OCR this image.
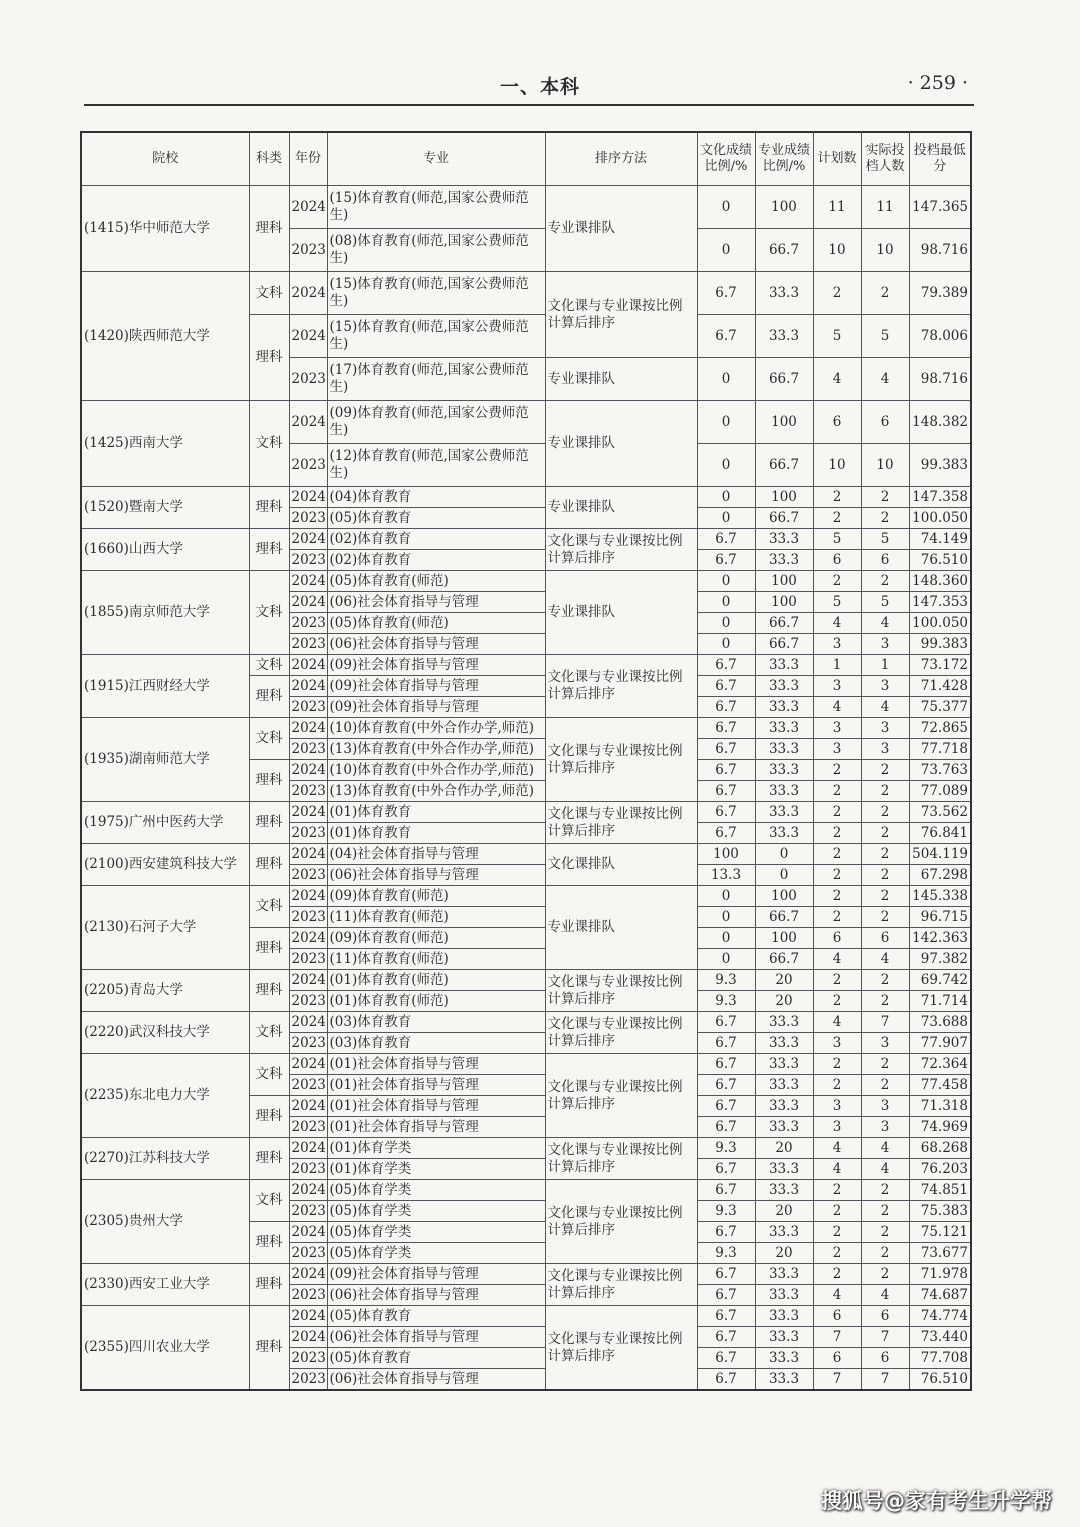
一、本科	· 259 ·
院校	科类	年份	专业	排序方法	文化成绩比例/%	专业成绩比例/%	计划数	实际投档人数	投档最低分
(1415)华中师范大学	理科	2024	(15)体育教育(师范,国家公费师范生)	专业课排队	0	100	11	11	147.365
		2023	(08)体育教育(师范,国家公费师范生)		0	66.7	10	10	98.716
(1420)陕西师范大学	文科	2024	(15)体育教育(师范,国家公费师范生)	文化课与专业课按比例计算后排序	6.7	33.3	2	2	79.389
	理科	2024	(15)体育教育(师范,国家公费师范生)		6.7	33.3	5	5	78.006
		2023	(17)体育教育(师范,国家公费师范生)	专业课排队	0	66.7	4	4	98.716
(1425)西南大学	文科	2024	(09)体育教育(师范,国家公费师范生)	专业课排队	0	100	6	6	148.382
		2023	(12)体育教育(师范,国家公费师范生)		0	66.7	10	10	99.383
(1520)暨南大学	理科	2024	(04)体育教育	专业课排队	0	100	2	2	147.358
		2023	(05)体育教育		0	66.7	2	2	100.050
(1660)山西大学	理科	2024	(02)体育教育	文化课与专业课按比例计算后排序	6.7	33.3	5	5	74.149
		2023	(02)体育教育		6.7	33.3	6	6	76.510
(1855)南京师范大学	文科	2024	(05)体育教育(师范)	专业课排队	0	100	2	2	148.360
		2024	(06)社会体育指导与管理		0	100	5	5	147.353
		2023	(05)体育教育(师范)		0	66.7	4	4	100.050
		2023	(06)社会体育指导与管理		0	66.7	3	3	99.383
(1915)江西财经大学	文科	2024	(09)社会体育指导与管理	文化课与专业课按比例计算后排序	6.7	33.3	1	1	73.172
	理科	2024	(09)社会体育指导与管理		6.7	33.3	3	3	71.428
		2023	(09)社会体育指导与管理		6.7	33.3	4	4	75.377
(1935)湖南师范大学	文科	2024	(10)体育教育(中外合作办学,师范)	文化课与专业课按比例计算后排序	6.7	33.3	3	3	72.865
		2023	(13)体育教育(中外合作办学,师范)		6.7	33.3	3	3	77.718
	理科	2024	(10)体育教育(中外合作办学,师范)		6.7	33.3	2	2	73.763
		2023	(13)体育教育(中外合作办学,师范)		6.7	33.3	2	2	77.089
(1975)广州中医药大学	理科	2024	(01)体育教育	文化课与专业课按比例计算后排序	6.7	33.3	2	2	73.562
		2023	(01)体育教育		6.7	33.3	2	2	76.841
(2100)西安建筑科技大学	理科	2024	(04)社会体育指导与管理	文化课排队	100	0	2	2	504.119
		2023	(06)社会体育指导与管理		13.3	0	2	2	67.298
(2130)石河子大学	文科	2024	(09)体育教育(师范)	专业课排队	0	100	2	2	145.338
		2023	(11)体育教育(师范)		0	66.7	2	2	96.715
	理科	2024	(09)体育教育(师范)		0	100	6	6	142.363
		2023	(11)体育教育(师范)		0	66.7	4	4	97.382
(2205)青岛大学	理科	2024	(01)体育教育(师范)	文化课与专业课按比例计算后排序	9.3	20	2	2	69.742
		2023	(01)体育教育(师范)		9.3	20	2	2	71.714
(2220)武汉科技大学	文科	2024	(03)体育教育	文化课与专业课按比例计算后排序	6.7	33.3	4	7	73.688
		2023	(03)体育教育		6.7	33.3	3	3	77.907
(2235)东北电力大学	文科	2024	(01)社会体育指导与管理	文化课与专业课按比例计算后排序	6.7	33.3	2	2	72.364
		2023	(01)社会体育指导与管理		6.7	33.3	2	2	77.458
	理科	2024	(01)社会体育指导与管理		6.7	33.3	3	3	71.318
		2023	(01)社会体育指导与管理		6.7	33.3	3	3	74.969
(2270)江苏科技大学	理科	2024	(01)体育学类	文化课与专业课按比例计算后排序	9.3	20	4	4	68.268
		2023	(01)体育学类		6.7	33.3	4	4	76.203
(2305)贵州大学	文科	2024	(05)体育学类	文化课与专业课按比例计算后排序	6.7	33.3	2	2	74.851
		2023	(05)体育学类		9.3	20	2	2	75.383
	理科	2024	(05)体育学类		6.7	33.3	2	2	75.121
		2023	(05)体育学类		9.3	20	2	2	73.677
(2330)西安工业大学	理科	2024	(09)社会体育指导与管理	文化课与专业课按比例计算后排序	6.7	33.3	2	2	71.978
		2023	(06)社会体育指导与管理		6.7	33.3	4	4	74.687
(2355)四川农业大学	理科	2024	(05)体育教育	文化课与专业课按比例计算后排序	6.7	33.3	6	6	74.774
		2024	(06)社会体育指导与管理		6.7	33.3	7	7	73.440
		2023	(05)体育教育		6.7	33.3	6	6	77.708
		2023	(06)社会体育指导与管理		6.7	33.3	7	7	76.510
搜狐号@家有考生升学帮
